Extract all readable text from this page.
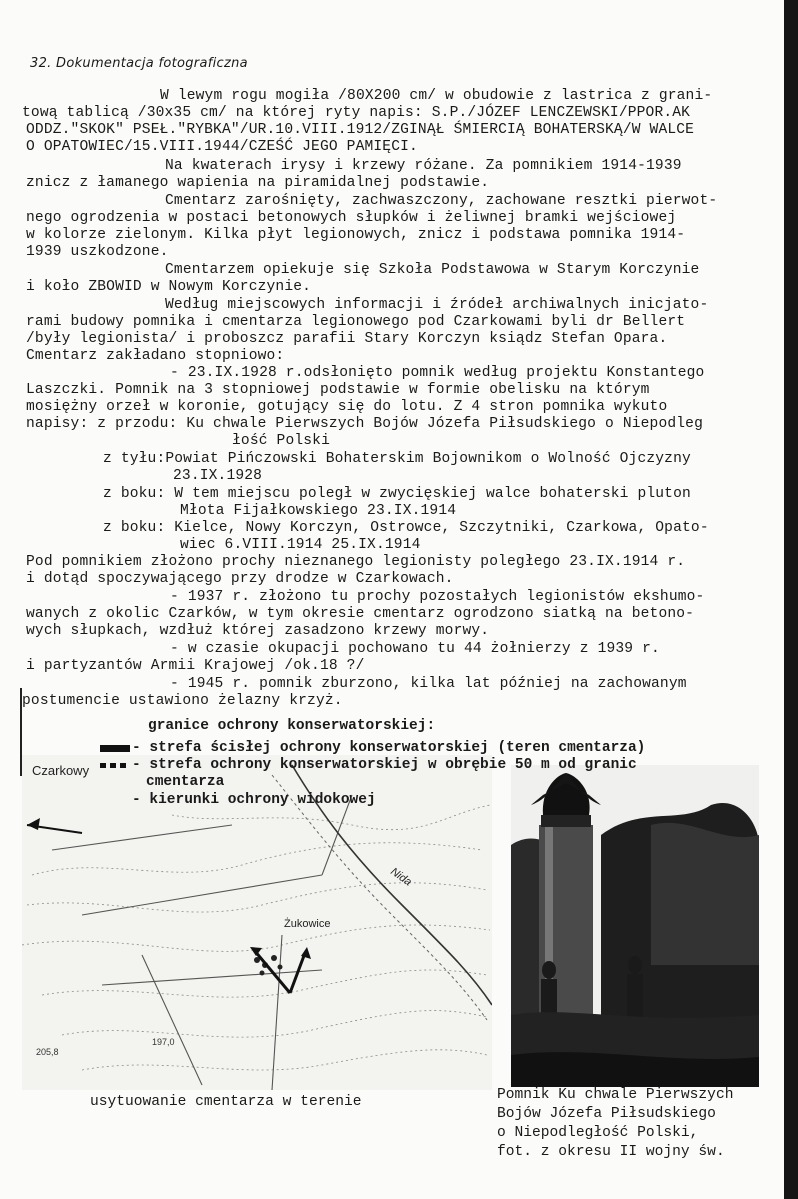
32. Dokumentacja fotograficzna
W lewym rogu mogiła /80X200 cm/ w obudowie z lastrica z grani-
tową tablicą /30x35 cm/ na której ryty napis: S.P./JÓZEF LENCZEWSKI/PPOR.AK
ODDZ."SKOK" PSEŁ."RYBKA"/UR.10.VIII.1912/ZGINĄŁ ŚMIERCIĄ BOHATERSKĄ/W WALCE
O OPATOWIEC/15.VIII.1944/CZEŚĆ JEGO PAMIĘCI.
Na kwaterach irysy i krzewy różane. Za pomnikiem 1914-1939
znicz z łamanego wapienia na piramidalnej podstawie.
Cmentarz zarośnięty, zachwaszczony, zachowane resztki pierwot-
nego ogrodzenia w postaci betonowych słupków i żeliwnej bramki wejściowej
w kolorze zielonym. Kilka płyt legionowych, znicz i podstawa pomnika 1914-
1939 uszkodzone.
Cmentarzem opiekuje się Szkoła Podstawowa w Starym Korczynie
i koło ZBOWID w Nowym Korczynie.
Według miejscowych informacji i źródeł archiwalnych inicjato-
rami budowy pomnika i cmentarza legionowego pod Czarkowami byli dr Bellert
/były legionista/ i proboszcz parafii Stary Korczyn ksiądz Stefan Opara.
Cmentarz zakładano stopniowo:
- 23.IX.1928 r.odsłonięto pomnik według projektu Konstantego
Laszczki. Pomnik na 3 stopniowej podstawie w formie obelisku na którym
mosiężny orzeł w koronie, gotujący się do lotu. Z 4 stron pomnika wykuto
napisy: z przodu: Ku chwale Pierwszych Bojów Józefa Piłsudskiego o Niepodleg
łość Polski
z tyłu:Powiat Pińczowski Bohaterskim Bojownikom o Wolność Ojczyzny
23.IX.1928
z boku: W tem miejscu poległ w zwycięskiej walce bohaterski pluton
Młota Fijałkowskiego 23.IX.1914
z boku: Kielce, Nowy Korczyn, Ostrowce, Szczytniki, Czarkowa, Opato-
wiec 6.VIII.1914 25.IX.1914
Pod pomnikiem złożono prochy nieznanego legionisty poległego 23.IX.1914 r.
i dotąd spoczywającego przy drodze w Czarkowach.
- 1937 r. złożono tu prochy pozostałych legionistów ekshumo-
wanych z okolic Czarków, w tym okresie cmentarz ogrodzono siatką na betono-
wych słupkach, wzdłuż której zasadzono krzewy morwy.
- w czasie okupacji pochowano tu 44 żołnierzy z 1939 r.
i partyzantów Armii Krajowej /ok.18 ?/
- 1945 r. pomnik zburzono, kilka lat później na zachowanym
postumencie ustawiono żelazny krzyż.
Czarkowy
Żukowice
Nida
205,8
197,0
granice ochrony konserwatorskiej:
- strefa ścisłej ochrony konserwatorskiej (teren cmentarza)
- strefa ochrony konserwatorskiej w obrębie 50 m od granic
cmentarza
- kierunki ochrony widokowej
usytuowanie cmentarza w terenie	Pomnik Ku chwale Pierwszych
Bojów Józefa Piłsudskiego
o Niepodległość Polski,
fot. z okresu II wojny św.
